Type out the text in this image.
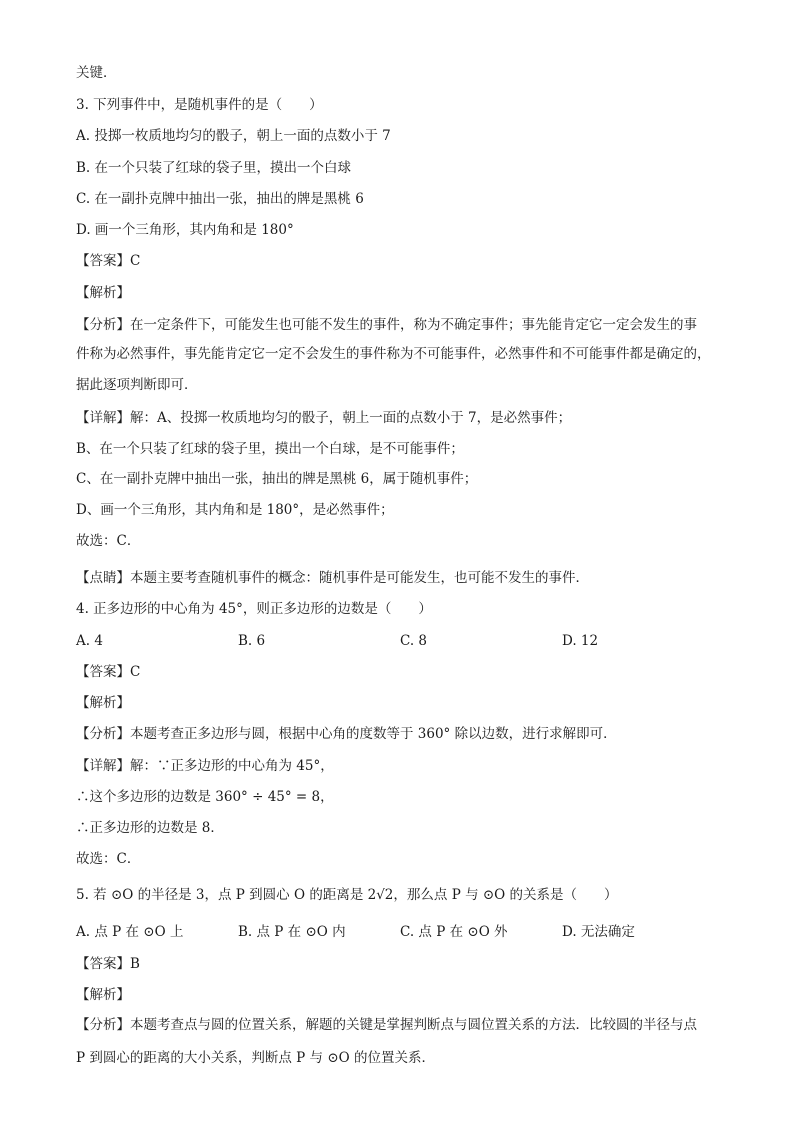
关键．
3. 下列事件中，是随机事件的是（　　）
A. 投掷一枚质地均匀的骰子，朝上一面的点数小于 7
B. 在一个只装了红球的袋子里，摸出一个白球
C. 在一副扑克牌中抽出一张，抽出的牌是黑桃 6
D. 画一个三角形，其内角和是 180°
【答案】C
【解析】
【分析】在一定条件下，可能发生也可能不发生的事件，称为不确定事件；事先能肯定它一定会发生的事
件称为必然事件，事先能肯定它一定不会发生的事件称为不可能事件，必然事件和不可能事件都是确定的，
据此逐项判断即可．
【详解】解：A、投掷一枚质地均匀的骰子，朝上一面的点数小于 7，是必然事件；
B、在一个只装了红球的袋子里，摸出一个白球，是不可能事件；
C、在一副扑克牌中抽出一张，抽出的牌是黑桃 6，属于随机事件；
D、画一个三角形，其内角和是 180°，是必然事件；
故选：C．
【点睛】本题主要考查随机事件的概念：随机事件是可能发生，也可能不发生的事件．
4. 正多边形的中心角为 45°，则正多边形的边数是（　　）
A. 4	B. 6	C. 8	D. 12
【答案】C
【解析】
【分析】本题考查正多边形与圆，根据中心角的度数等于 360° 除以边数，进行求解即可．
【详解】解：∵正多边形的中心角为 45°，
∴这个多边形的边数是 360° ÷ 45° = 8，
∴正多边形的边数是 8．
故选：C．
5. 若 ⊙O 的半径是 3，点 P 到圆心 O 的距离是 2√2，那么点 P 与 ⊙O 的关系是（　　）
A. 点 P 在 ⊙O 上	B. 点 P 在 ⊙O 内	C. 点 P 在 ⊙O 外	D. 无法确定
【答案】B
【解析】
【分析】本题考查点与圆的位置关系，解题的关键是掌握判断点与圆位置关系的方法．比较圆的半径与点
P 到圆心的距离的大小关系，判断点 P 与 ⊙O 的位置关系．
